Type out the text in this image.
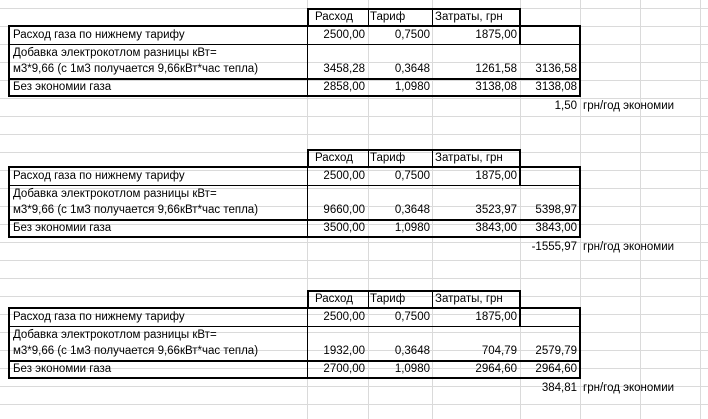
Расход	Тариф	Затраты, грн
Расход газа по нижнему тарифу	2500,00	0,7500	1875,00
Добавка электрокотлом разницы кВт=
м3*9,66 (с 1м3 получается 9,66кВт*час тепла)	3458,28	0,3648	1261,58	3136,58
Без экономии газа	2858,00	1,0980	3138,08	3138,08
1,50 грн/год экономии
Расход	Тариф	Затраты, грн
Расход газа по нижнему тарифу	2500,00	0,7500	1875,00
Добавка электрокотлом разницы кВт=
м3*9,66 (с 1м3 получается 9,66кВт*час тепла)	9660,00	0,3648	3523,97	5398,97
Без экономии газа	3500,00	1,0980	3843,00	3843,00
-1555,97 грн/год экономии
Расход	Тариф	Затраты, грн
Расход газа по нижнему тарифу	2500,00	0,7500	1875,00
Добавка электрокотлом разницы кВт=
м3*9,66 (с 1м3 получается 9,66кВт*час тепла)	1932,00	0,3648	704,79	2579,79
Без экономии газа	2700,00	1,0980	2964,60	2964,60
384,81 грн/год экономии
